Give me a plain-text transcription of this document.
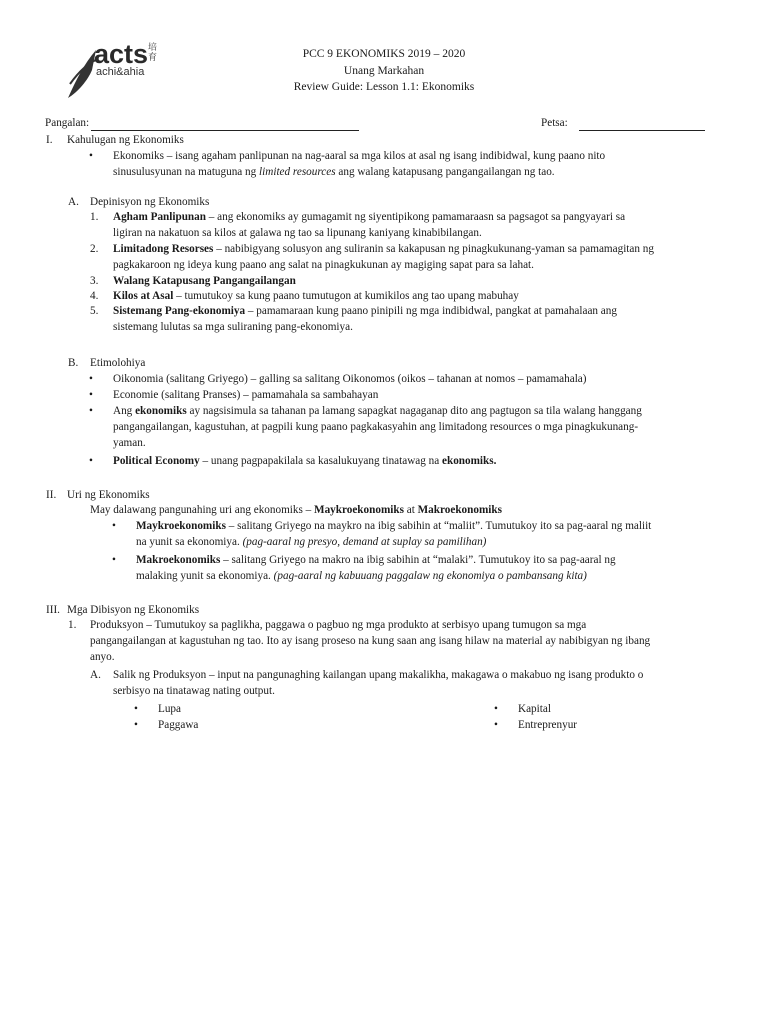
acts 培育
achi&ahia
PCC 9 EKONOMIKS 2019 – 2020
Unang Markahan
Review Guide: Lesson 1.1: Ekonomiks
Pangalan:	Petsa:
I. Kahulugan ng Ekonomiks
• Ekonomiks – isang agaham panlipunan na nag-aaral sa mga kilos at asal ng isang indibidwal, kung paano nito
sinusulusyunan na matuguna ng limited resources ang walang katapusang pangangailangan ng tao.
A. Depinisyon ng Ekonomiks
1. Agham Panlipunan – ang ekonomiks ay gumagamit ng siyentipikong pamamaraasn sa pagsagot sa pangyayari sa
ligiran na nakatuon sa kilos at galawa ng tao sa lipunang kaniyang kinabibilangan.
2. Limitadong Resorses – nabibigyang solusyon ang suliranin sa kakapusan ng pinagkukunang-yaman sa pamamagitan ng
pagkakaroon ng ideya kung paano ang salat na pinagkukunan ay magiging sapat para sa lahat.
3. Walang Katapusang Pangangailangan
4. Kilos at Asal – tumutukoy sa kung paano tumutugon at kumikilos ang tao upang mabuhay
5. Sistemang Pang-ekonomiya – pamamaraan kung paano pinipili ng mga indibidwal, pangkat at pamahalaan ang
sistemang lulutas sa mga suliraning pang-ekonomiya.
B. Etimolohiya
• Oikonomia (salitang Griyego) – galling sa salitang Oikonomos (oikos – tahanan at nomos – pamamahala)
• Economie (salitang Pranses) – pamamahala sa sambahayan
• Ang ekonomiks ay nagsisimula sa tahanan pa lamang sapagkat nagaganap dito ang pagtugon sa tila walang hanggang
pangangailangan, kagustuhan, at pagpili kung paano pagkakasyahin ang limitadong resources o mga pinagkukunang-
yaman.
• Political Economy – unang pagpapakilala sa kasalukuyang tinatawag na ekonomiks.
II. Uri ng Ekonomiks
May dalawang pangunahing uri ang ekonomiks – Maykroekonomiks at Makroekonomiks
• Maykroekonomiks – salitang Griyego na maykro na ibig sabihin at “maliit”. Tumutukoy ito sa pag-aaral ng maliit
na yunit sa ekonomiya. (pag-aaral ng presyo, demand at suplay sa pamilihan)
• Makroekonomiks – salitang Griyego na makro na ibig sabihin at “malaki”. Tumutukoy ito sa pag-aaral ng
malaking yunit sa ekonomiya. (pag-aaral ng kabuuang paggalaw ng ekonomiya o pambansang kita)
III. Mga Dibisyon ng Ekonomiks
1. Produksyon – Tumutukoy sa paglikha, paggawa o pagbuo ng mga produkto at serbisyo upang tumugon sa mga
pangangailangan at kagustuhan ng tao. Ito ay isang proseso na kung saan ang isang hilaw na material ay nabibigyan ng ibang
anyo.
A. Salik ng Produksyon – input na pangunaghing kailangan upang makalikha, makagawa o makabuo ng isang produkto o
serbisyo na tinatawag nating output.
• Lupa
• Paggawa
• Kapital
• Entreprenyur
